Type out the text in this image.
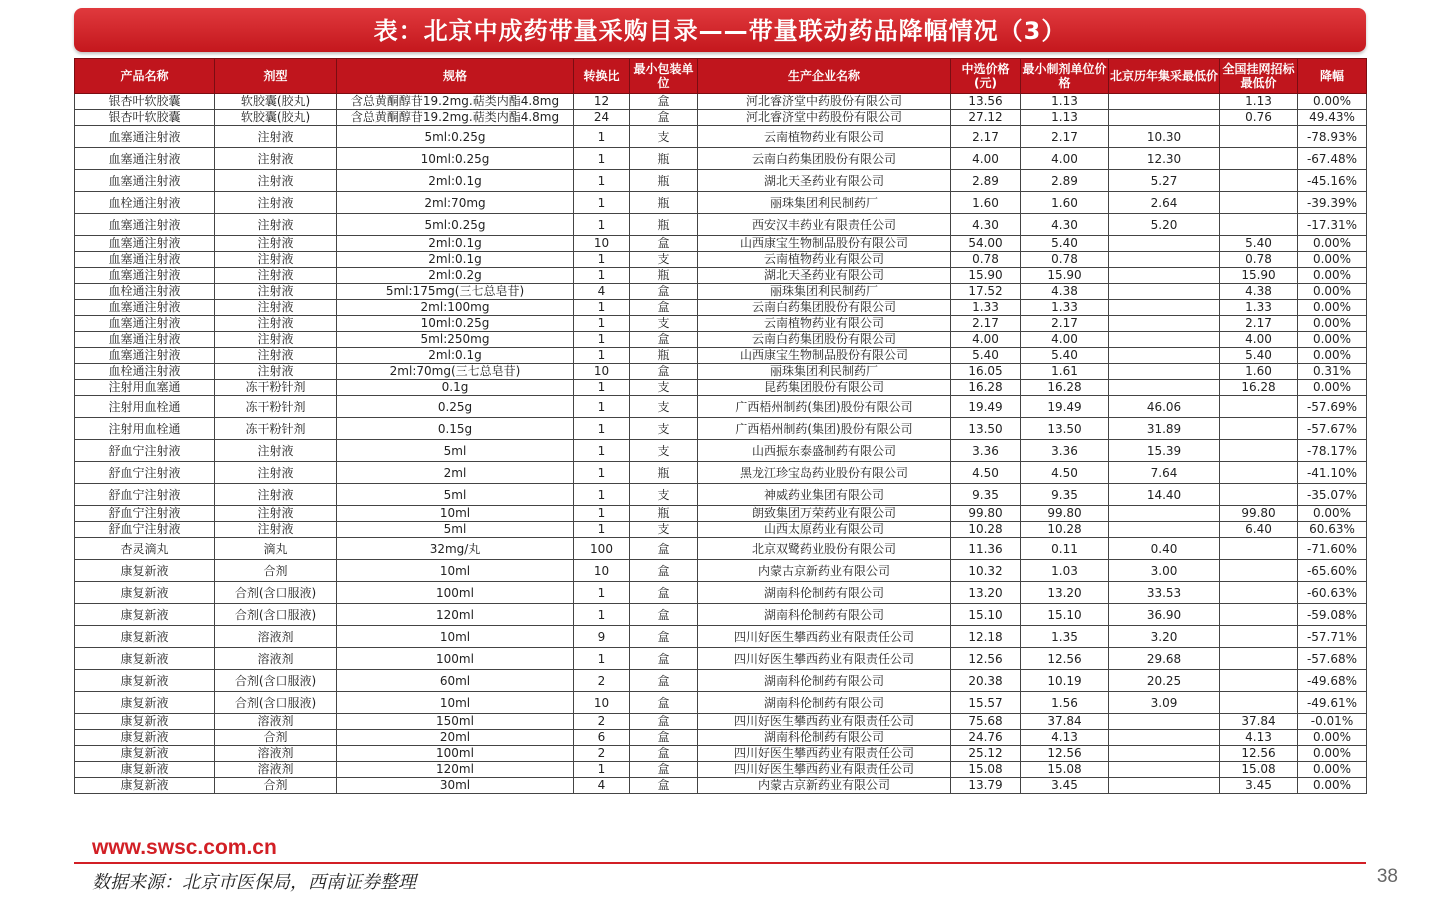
表：北京中成药带量采购目录——带量联动药品降幅情况（3）
产品名称	剂型	规格	转换比	最小包装单位	生产企业名称	中选价格(元)	最小制剂单位价格	北京历年集采最低价	全国挂网招标最低价	降幅
银杏叶软胶囊	软胶囊(胶丸)	含总黄酮醇苷19.2mg.萜类内酯4.8mg	12	盒	河北睿济堂中药股份有限公司	13.56	1.13		1.13	0.00%
银杏叶软胶囊	软胶囊(胶丸)	含总黄酮醇苷19.2mg.萜类内酯4.8mg	24	盒	河北睿济堂中药股份有限公司	27.12	1.13		0.76	49.43%
血塞通注射液	注射液	5ml:0.25g	1	支	云南植物药业有限公司	2.17	2.17	10.30		-78.93%
血塞通注射液	注射液	10ml:0.25g	1	瓶	云南白药集团股份有限公司	4.00	4.00	12.30		-67.48%
血塞通注射液	注射液	2ml:0.1g	1	瓶	湖北天圣药业有限公司	2.89	2.89	5.27		-45.16%
血栓通注射液	注射液	2ml:70mg	1	瓶	丽珠集团利民制药厂	1.60	1.60	2.64		-39.39%
血塞通注射液	注射液	5ml:0.25g	1	瓶	西安汉丰药业有限责任公司	4.30	4.30	5.20		-17.31%
血塞通注射液	注射液	2ml:0.1g	10	盒	山西康宝生物制品股份有限公司	54.00	5.40		5.40	0.00%
血塞通注射液	注射液	2ml:0.1g	1	支	云南植物药业有限公司	0.78	0.78		0.78	0.00%
血塞通注射液	注射液	2ml:0.2g	1	瓶	湖北天圣药业有限公司	15.90	15.90		15.90	0.00%
血栓通注射液	注射液	5ml:175mg(三七总皂苷)	4	盒	丽珠集团利民制药厂	17.52	4.38		4.38	0.00%
血塞通注射液	注射液	2ml:100mg	1	盒	云南白药集团股份有限公司	1.33	1.33		1.33	0.00%
血塞通注射液	注射液	10ml:0.25g	1	支	云南植物药业有限公司	2.17	2.17		2.17	0.00%
血塞通注射液	注射液	5ml:250mg	1	盒	云南白药集团股份有限公司	4.00	4.00		4.00	0.00%
血塞通注射液	注射液	2ml:0.1g	1	瓶	山西康宝生物制品股份有限公司	5.40	5.40		5.40	0.00%
血栓通注射液	注射液	2ml:70mg(三七总皂苷)	10	盒	丽珠集团利民制药厂	16.05	1.61		1.60	0.31%
注射用血塞通	冻干粉针剂	0.1g	1	支	昆药集团股份有限公司	16.28	16.28		16.28	0.00%
注射用血栓通	冻干粉针剂	0.25g	1	支	广西梧州制药(集团)股份有限公司	19.49	19.49	46.06		-57.69%
注射用血栓通	冻干粉针剂	0.15g	1	支	广西梧州制药(集团)股份有限公司	13.50	13.50	31.89		-57.67%
舒血宁注射液	注射液	5ml	1	支	山西振东泰盛制药有限公司	3.36	3.36	15.39		-78.17%
舒血宁注射液	注射液	2ml	1	瓶	黑龙江珍宝岛药业股份有限公司	4.50	4.50	7.64		-41.10%
舒血宁注射液	注射液	5ml	1	支	神威药业集团有限公司	9.35	9.35	14.40		-35.07%
舒血宁注射液	注射液	10ml	1	瓶	朗致集团万荣药业有限公司	99.80	99.80		99.80	0.00%
舒血宁注射液	注射液	5ml	1	支	山西太原药业有限公司	10.28	10.28		6.40	60.63%
杏灵滴丸	滴丸	32mg/丸	100	盒	北京双鹭药业股份有限公司	11.36	0.11	0.40		-71.60%
康复新液	合剂	10ml	10	盒	内蒙古京新药业有限公司	10.32	1.03	3.00		-65.60%
康复新液	合剂(含口服液)	100ml	1	盒	湖南科伦制药有限公司	13.20	13.20	33.53		-60.63%
康复新液	合剂(含口服液)	120ml	1	盒	湖南科伦制药有限公司	15.10	15.10	36.90		-59.08%
康复新液	溶液剂	10ml	9	盒	四川好医生攀西药业有限责任公司	12.18	1.35	3.20		-57.71%
康复新液	溶液剂	100ml	1	盒	四川好医生攀西药业有限责任公司	12.56	12.56	29.68		-57.68%
康复新液	合剂(含口服液)	60ml	2	盒	湖南科伦制药有限公司	20.38	10.19	20.25		-49.68%
康复新液	合剂(含口服液)	10ml	10	盒	湖南科伦制药有限公司	15.57	1.56	3.09		-49.61%
康复新液	溶液剂	150ml	2	盒	四川好医生攀西药业有限责任公司	75.68	37.84		37.84	-0.01%
康复新液	合剂	20ml	6	盒	湖南科伦制药有限公司	24.76	4.13		4.13	0.00%
康复新液	溶液剂	100ml	2	盒	四川好医生攀西药业有限责任公司	25.12	12.56		12.56	0.00%
康复新液	溶液剂	120ml	1	盒	四川好医生攀西药业有限责任公司	15.08	15.08		15.08	0.00%
康复新液	合剂	30ml	4	盒	内蒙古京新药业有限公司	13.79	3.45		3.45	0.00%
www.swsc.com.cn
数据来源：北京市医保局，西南证券整理	38
